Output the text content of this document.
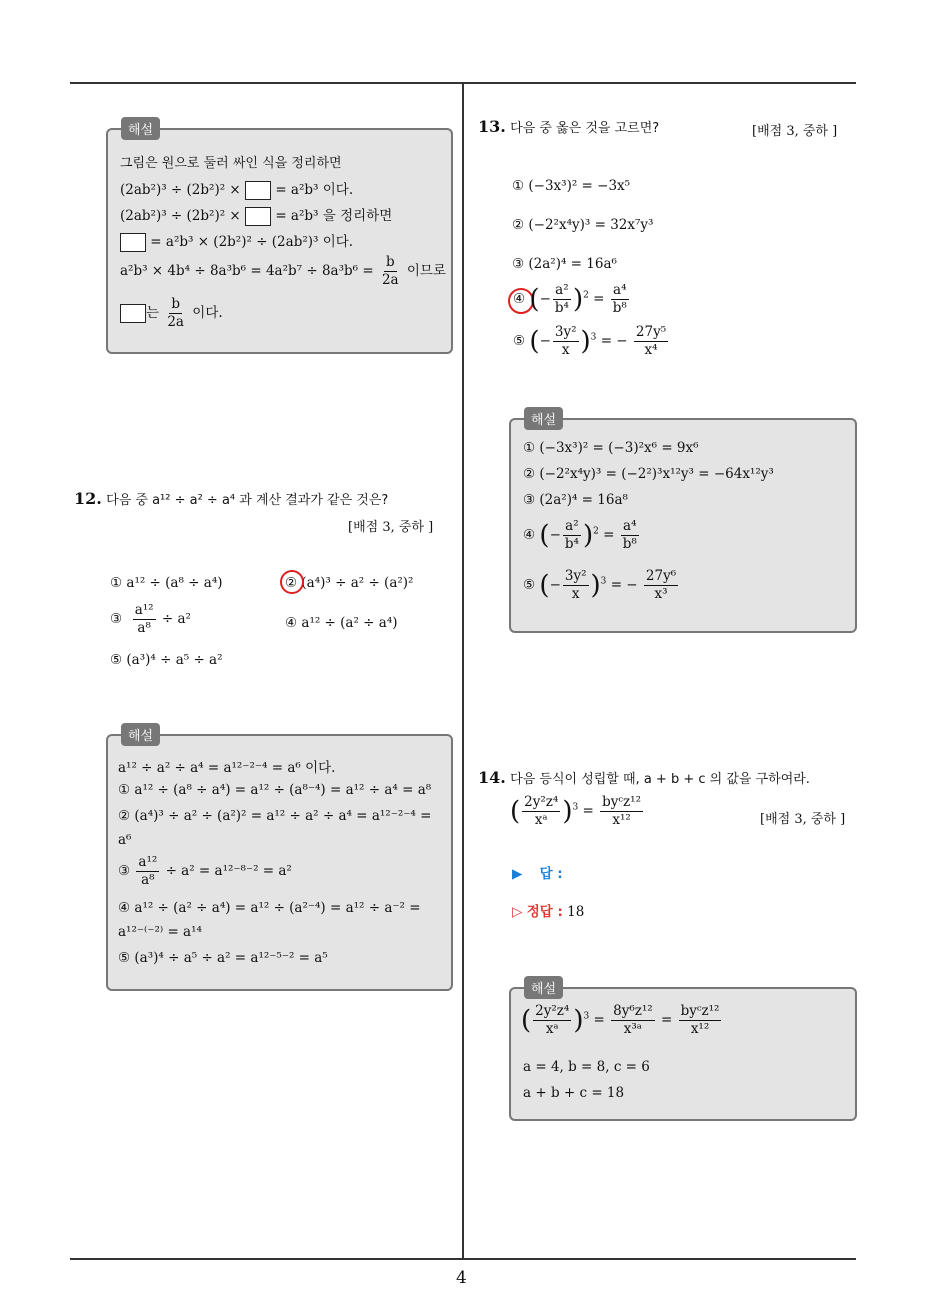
4
해설
그림은 원으로 둘러 싸인 식을 정리하면
(2ab²)³ ÷ (2b²)² ×	= a²b³ 이다.
(2ab²)³ ÷ (2b²)² ×	= a²b³ 을 정리하면
= a²b³ × (2b²)² ÷ (2ab²)³ 이다.
$a^2b^3 \times 4b^4 \div 8a^3b^6 = 4a^2b^7 \div 8a^3b^6 = \frac{b}{2a}$ 이므로
는 $\frac{b}{2a}$ 이다.
12. 다음 중 a¹² ÷ a² ÷ a⁴ 과 계산 결과가 같은 것은?
[배점 3, 중하 ]
① a¹² ÷ (a⁸ ÷ a⁴)	② (a⁴)³ ÷ a² ÷ (a²)²
③ $\frac{\text{a¹²}}{\text{a⁸}} \div a^2$	④ a¹² ÷ (a² ÷ a⁴)
⑤ (a³)⁴ ÷ a⁵ ÷ a²
해설
a¹² ÷ a² ÷ a⁴ = a¹²⁻²⁻⁴ = a⁶ 이다.
① a¹² ÷ (a⁸ ÷ a⁴) = a¹² ÷ (a⁸⁻⁴) = a¹² ÷ a⁴ = a⁸
② (a⁴)³ ÷ a² ÷ (a²)² = a¹² ÷ a² ÷ a⁴ = a¹²⁻²⁻⁴ =
a⁶
③ $\frac{\text{a¹²}}{\text{a⁸}} \div a^2 = a^{12-8-2} = a^2$
④ a¹² ÷ (a² ÷ a⁴) = a¹² ÷ (a²⁻⁴) = a¹² ÷ a⁻² =
a¹²⁻⁽⁻²⁾ = a¹⁴
⑤ (a³)⁴ ÷ a⁵ ÷ a² = a¹²⁻⁵⁻² = a⁵
13. 다음 중 옳은 것을 고르면?	[배점 3, 중하 ]
① (−3x³)² = −3x⁵
② (−2²x⁴y)³ = 32x⁷y³
③ (2a²)⁴ = 16a⁶
④ (− $\frac{\text{a²}}{\text{b⁴}} )^2 = \frac{\text{a⁴}}{\text{b⁸}}$
⑤ (− $\frac{\text{3y²}}{x} )^3$ = − $\frac{\text{27y⁵}}{\text{x⁴}}$
해설
① (−3x³)² = (−3)²x⁶ = 9x⁶
② (−2²x⁴y)³ = (−2²)³x¹²y³ = −64x¹²y³
③ (2a²)⁴ = 16a⁸
④ (− $\frac{\text{a²}}{\text{b⁴}} )^2 = \frac{\text{a⁴}}{\text{b⁸}}$
⑤ (− $\frac{\text{3y²}}{x} )^3$ = − $\frac{\text{27y⁶}}{\text{x³}}$
14. 다음 등식이 성립할 때, a + b + c 의 값을 구하여라.
( $\frac{\text{2y²z⁴}}{\text{xᵃ}} )^3 = \frac{\text{byᶜz¹²}}{\text{x¹²}}$	[배점 3, 중하 ]
▶ 답 :
▷ 정답 : 18
해설
( $\frac{\text{2y²z⁴}}{\text{xᵃ}} )^3 = \frac{\text{8y⁶z¹²}}{\text{x³ᵃ}} = \frac{\text{byᶜz¹²}}{\text{x¹²}}$
a = 4, b = 8, c = 6
a + b + c = 18
